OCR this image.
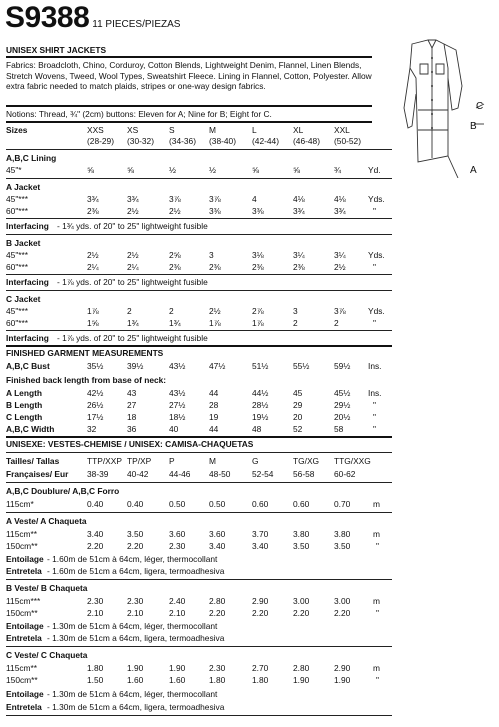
S9388 11 PIECES/PIEZAS
UNISEX SHIRT JACKETS
Fabrics: Broadcloth, Chino, Corduroy, Cotton Blends, Lightweight Denim, Flannel, Linen Blends, Stretch Wovens, Tweed, Wool Types, Sweatshirt Fleece. Lining in Flannel, Cotton, Polyester. Allow extra fabric needed to match plaids, stripes or one-way design fabrics.
Notions: Thread, ¾" (2cm) buttons: Eleven for A; Nine for B; Eight for C.
C
B
A
Sizes	XXS	XS	S	M	L	XL	XXL
(28-29) (30-32) (34-36) (38-40) (42-44) (46-48) (50-52)
A,B,C Lining
45"*	⅝	⅝	½	½	⅝	⅝	¾	Yd.
A Jacket
45"***	3¾	3¾	3⅞	3⅞	4	4⅛	4⅛	Yds.
60"***	2⅜	2½	2½	3⅜	3⅜	3¾	3¾	"
Interfacing - 1¾ yds. of 20" to 25" lightweight fusible
B Jacket
45"***	2½	2½	2⅝	3	3⅛	3¼	3¼	Yds.
60"***	2¼	2¼	2⅜	2⅜	2⅜	2⅜	2½	"
Interfacing - 1⅞ yds. of 20" to 25" lightweight fusible
C Jacket
45"***	1⅞	2	2	2½	2⅞	3	3⅞	Yds.
60"***	1⅝	1¾	1¾	1⅞	1⅞	2	2	"
Interfacing - 1⅞ yds. of 20" to 25" lightweight fusible
FINISHED GARMENT MEASUREMENTS
A,B,C Bust	35½	39½	43½	47½	51½	55½	59½ Ins.
Finished back length from base of neck:
A Length	42½	43	43½	44	44½	45	45½ Ins.
B Length	26½	27	27½	28	28½	29	29½	"
C Length	17½	18	18½	19	19½	20	20½	"
A,B,C Width	32	36	40	44	48	52	58	"
UNISEXE: VESTES-CHEMISE / UNISEX: CAMISA-CHAQUETAS
Tailles/ Tallas	TTP/XXP TP/XP P	M	G	TG/XG TTG/XXG
Françaises/ Eur 38-39 40-42 44-46 48-50	52-54 56-58 60-62
A,B,C Doublure/ A,B,C Forro
115cm*	0.40	0.40	0.50	0.50	0.60	0.60	0.70	m
A Veste/ A Chaqueta
115cm**	3.40	3.50	3.60	3.60	3.70	3.80	3.80	m
150cm**	2.20	2.20	2.30	3.40	3.40	3.50	3.50	"
Entoilage - 1.60m de 51cm à 64cm, léger, thermocollant
Entretela - 1.60m de 51cm a 64cm, ligera, termoadhesiva
B Veste/ B Chaqueta
115cm***	2.30	2.30	2.40	2.80	2.90	3.00	3.00	m
150cm**	2.10	2.10	2.10	2.20	2.20	2.20	2.20	"
Entoilage - 1.30m de 51cm à 64cm, léger, thermocollant
Entretela - 1.30m de 51cm a 64cm, ligera, termoadhesiva
C Veste/ C Chaqueta
115cm**	1.80	1.90	1.90	2.30	2.70	2.80	2.90	m
150cm**	1.50	1.60	1.60	1.80	1.80	1.90	1.90	"
Entoilage - 1.30m de 51cm à 64cm, léger, thermocollant
Entretela - 1.30m de 51cm a 64cm, ligera, termoadhesiva
